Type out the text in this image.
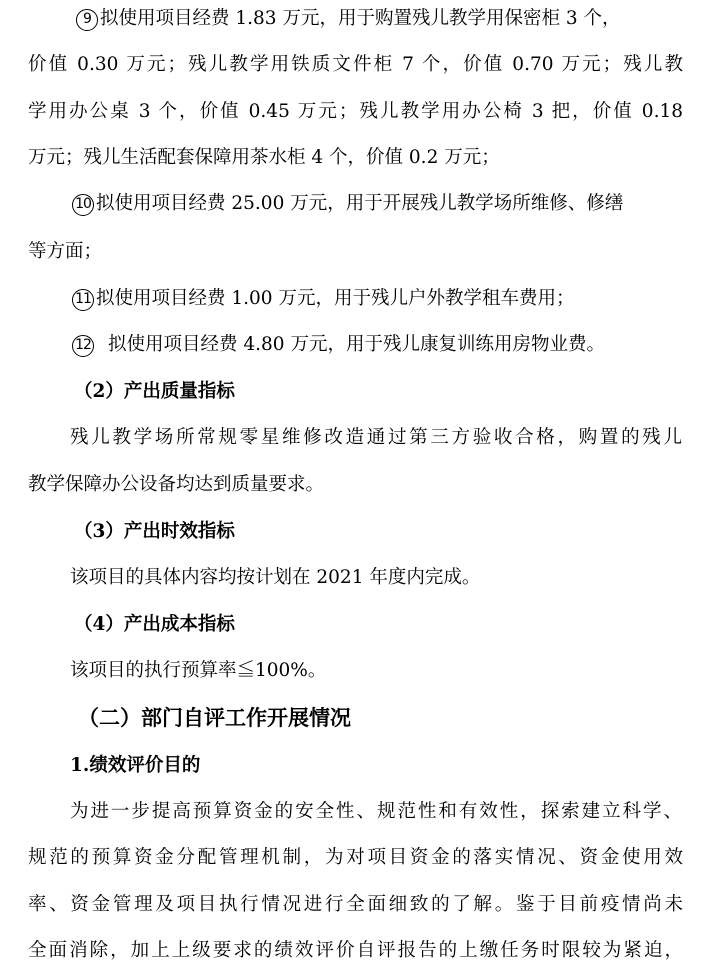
9 拟使用项目经费 1.83 万元，用于购置残儿教学用保密柜 3 个，
价值 0.30 万元；残儿教学用铁质文件柜 7 个，价值 0.70 万元；残儿教
学用办公桌 3 个，价值 0.45 万元；残儿教学用办公椅 3 把，价值 0.18
万元；残儿生活配套保障用茶水柜 4 个，价值 0.2 万元；
10 拟使用项目经费 25.00 万元，用于开展残儿教学场所维修、修缮
等方面；
11 拟使用项目经费 1.00 万元，用于残儿户外教学租车费用；
12 拟使用项目经费 4.80 万元，用于残儿康复训练用房物业费。
（2）产出质量指标
残儿教学场所常规零星维修改造通过第三方验收合格，购置的残儿
教学保障办公设备均达到质量要求。
（3）产出时效指标
该项目的具体内容均按计划在 2021 年度内完成。
（4）产出成本指标
该项目的执行预算率≦100%。
（二）部门自评工作开展情况
1.绩效评价目的
为进一步提高预算资金的安全性、规范性和有效性，探索建立科学、
规范的预算资金分配管理机制，为对项目资金的落实情况、资金使用效
率、资金管理及项目执行情况进行全面细致的了解。鉴于目前疫情尚未
全面消除，加上上级要求的绩效评价自评报告的上缴任务时限较为紧迫，
